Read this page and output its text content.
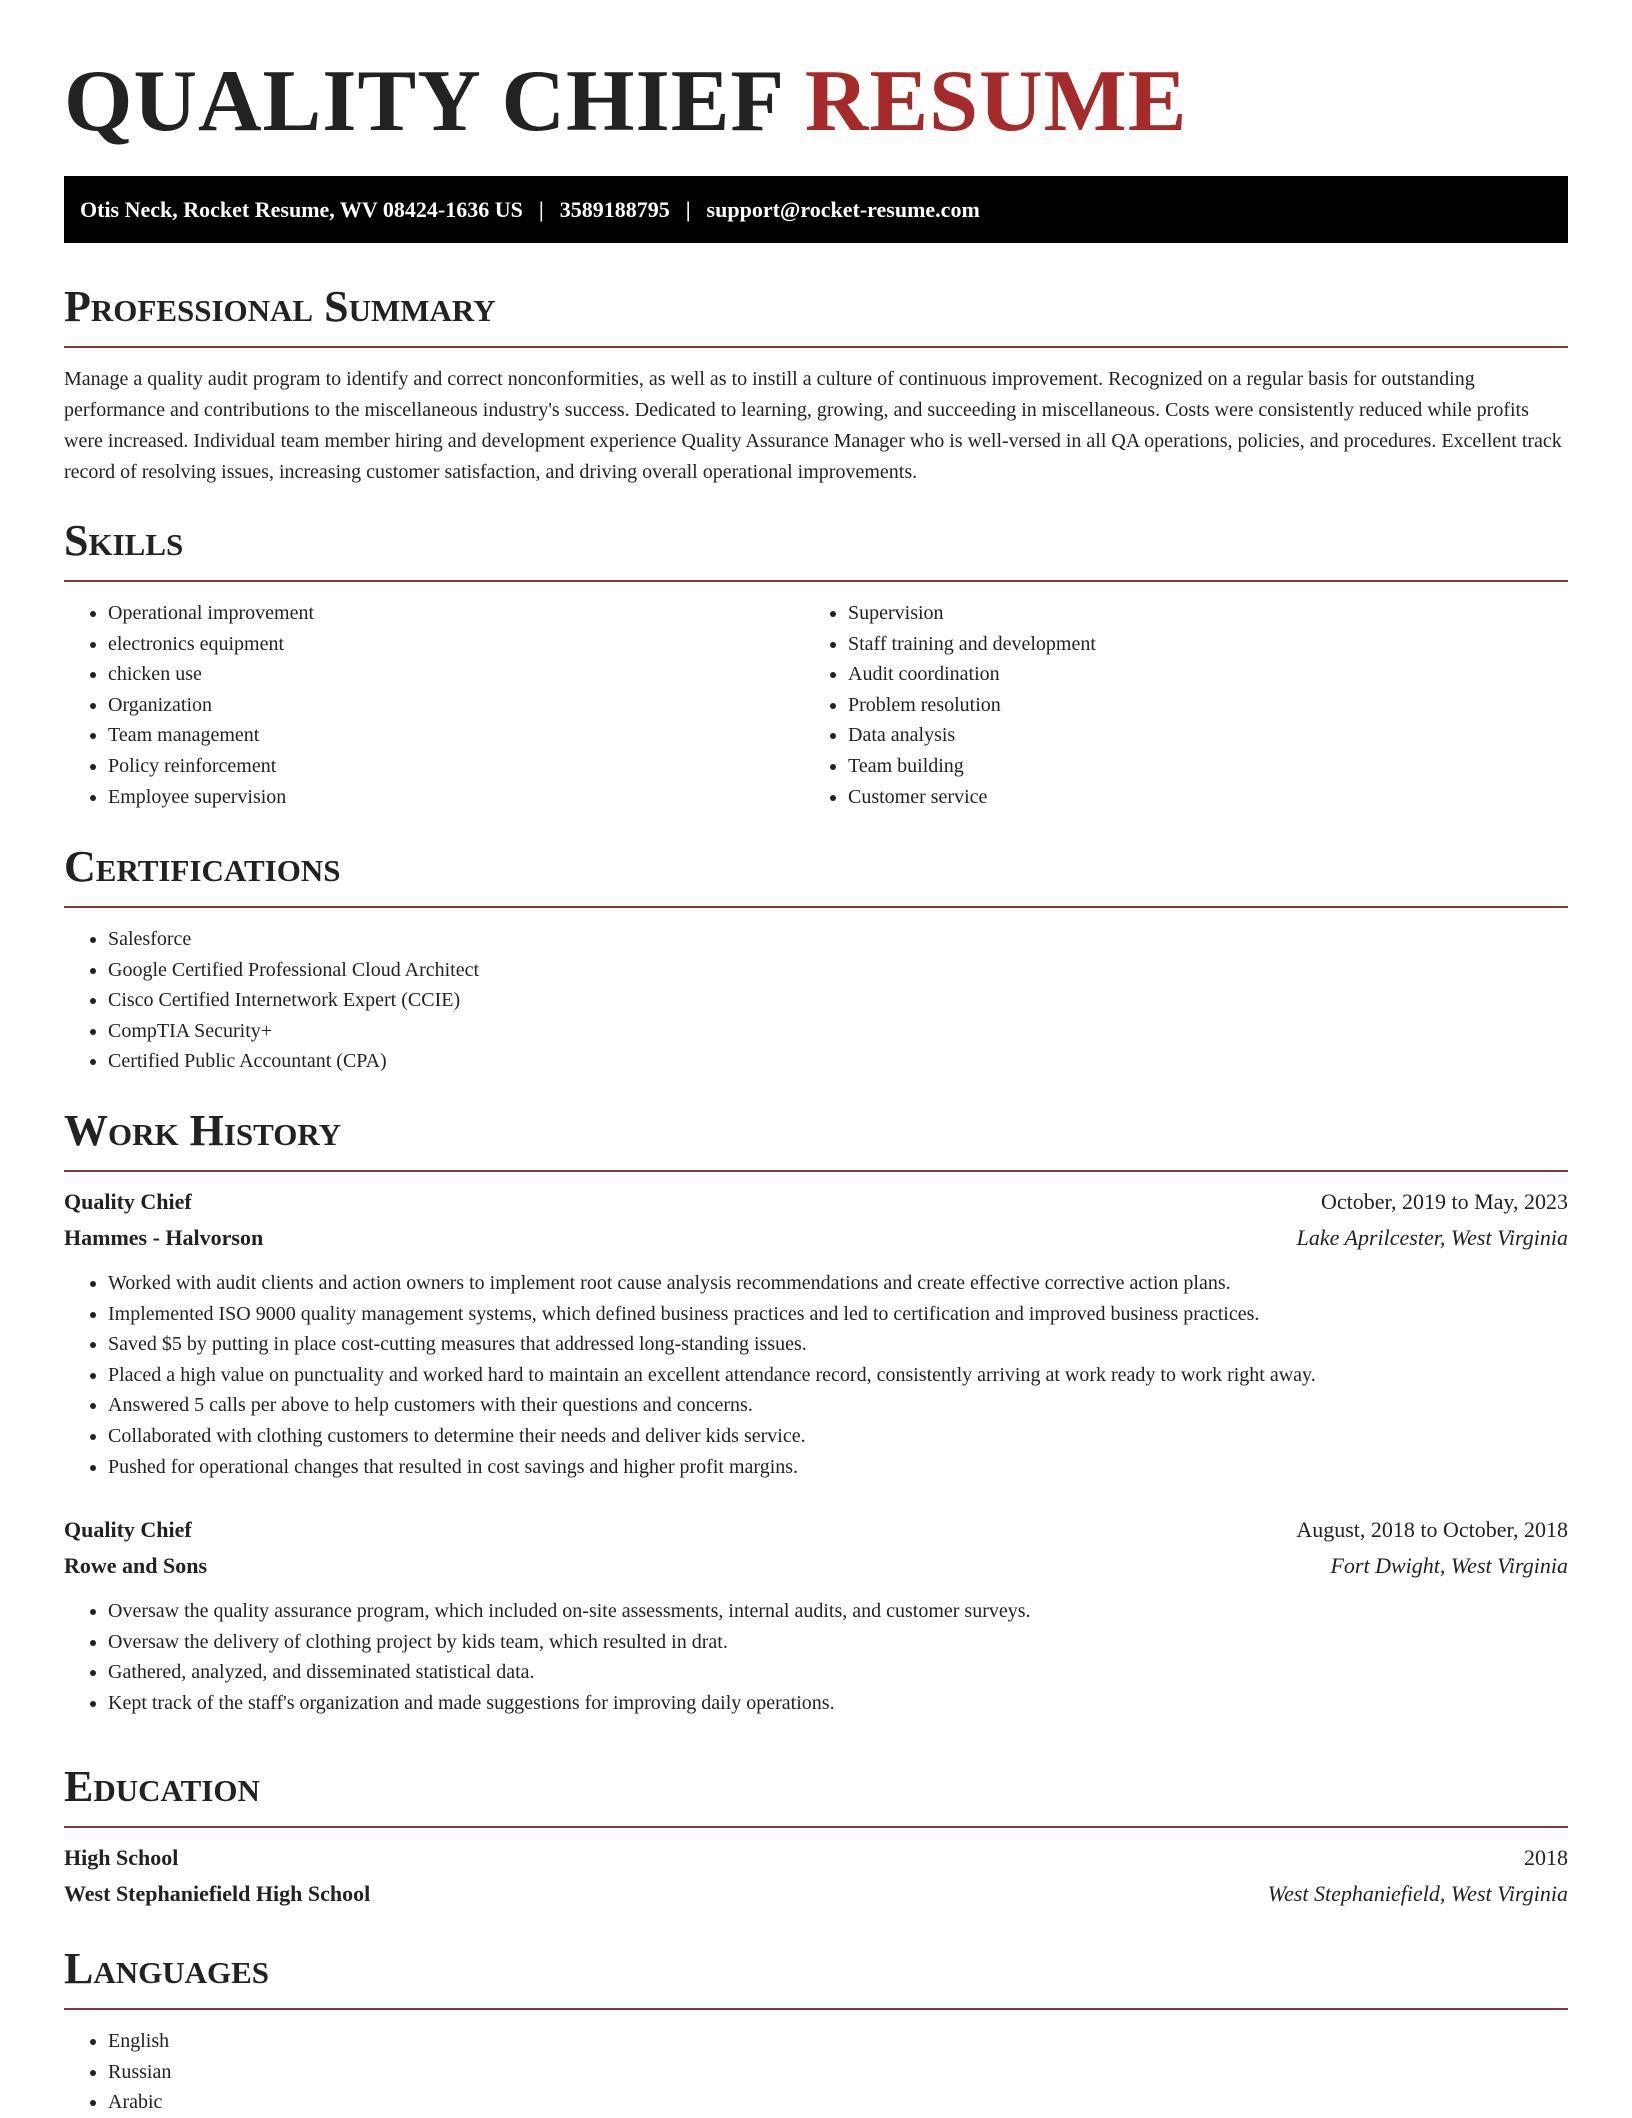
QUALITY CHIEF RESUME
Otis Neck, Rocket Resume, WV 08424-1636 US | 3589188795 | support@rocket-resume.com
Professional Summary

Manage a quality audit program to identify and correct nonconformities, as well as to instill a culture of continuous improvement. Recognized on a regular basis for outstanding performance and contributions to the miscellaneous industry's success. Dedicated to learning, growing, and succeeding in miscellaneous. Costs were consistently reduced while profits were increased. Individual team member hiring and development experience Quality Assurance Manager who is well-versed in all QA operations, policies, and procedures. Excellent track record of resolving issues, increasing customer satisfaction, and driving overall operational improvements.

Skills
• Operational improvement
• electronics equipment
• chicken use
• Organization
• Team management
• Policy reinforcement
• Employee supervision
• Supervision
• Staff training and development
• Audit coordination
• Problem resolution
• Data analysis
• Team building
• Customer service
Certifications
• Salesforce
• Google Certified Professional Cloud Architect
• Cisco Certified Internetwork Expert (CCIE)
• CompTIA Security+
• Certified Public Accountant (CPA)
Work History
Quality Chief	October, 2019 to May, 2023
Hammes - Halvorson	Lake Aprilcester, West Virginia
• Worked with audit clients and action owners to implement root cause analysis recommendations and create effective corrective action plans.
• Implemented ISO 9000 quality management systems, which defined business practices and led to certification and improved business practices.
• Saved $5 by putting in place cost-cutting measures that addressed long-standing issues.
• Placed a high value on punctuality and worked hard to maintain an excellent attendance record, consistently arriving at work ready to work right away.
• Answered 5 calls per above to help customers with their questions and concerns.
• Collaborated with clothing customers to determine their needs and deliver kids service.
• Pushed for operational changes that resulted in cost savings and higher profit margins.
Quality Chief	August, 2018 to October, 2018
Rowe and Sons	Fort Dwight, West Virginia
• Oversaw the quality assurance program, which included on-site assessments, internal audits, and customer surveys.
• Oversaw the delivery of clothing project by kids team, which resulted in drat.
• Gathered, analyzed, and disseminated statistical data.
• Kept track of the staff's organization and made suggestions for improving daily operations.
Education
High School	2018
West Stephaniefield High School	West Stephaniefield, West Virginia
Languages
• English
• Russian
• Arabic
